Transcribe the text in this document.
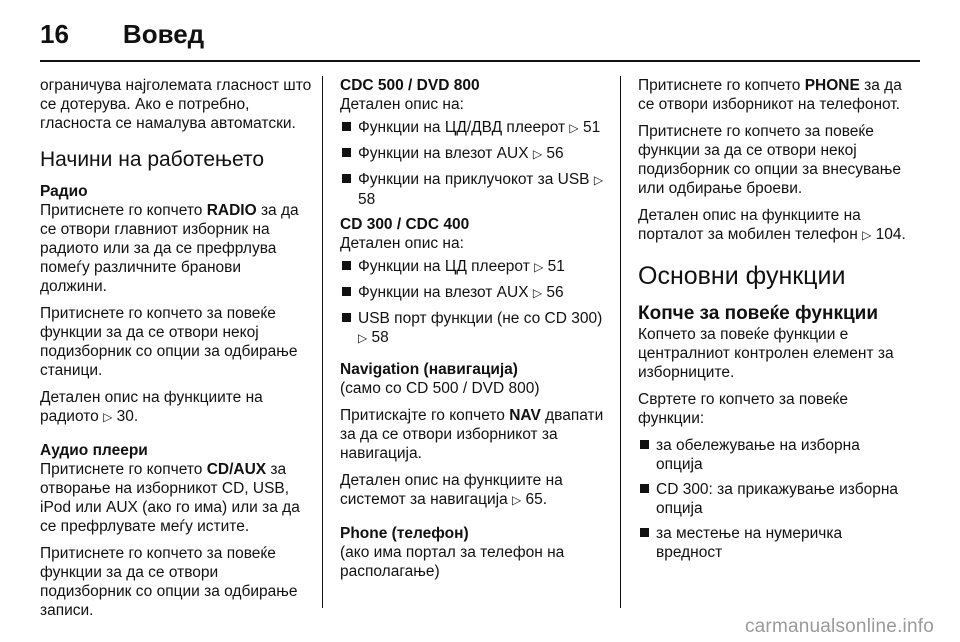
16 Вовед

ограничува најголемата гласност што се дотерува. Ако е потребно, гласноста се намалува автоматски.

Начини на работењето
Радио

Притиснете го копчето RADIO за да се отвори главниот изборник на радиото или за да се префрлува помеѓу различните бранови должини.

Притиснете го копчето за повеќе функции за да се отвори некој подизборник со опции за одбирање станици.

Деталeн опис на функциите на радиото ▷ 30.

Аудио плеери

Притиснете го копчето CD/AUX за отворање на изборникот CD, USB, iPod или AUX (ако го има) или за да се префрлувате меѓу истите.

Притиснете го копчето за повеќе функции за да се отвори подизборник со опции за одбирање записи.

CDC 500 / DVD 800

Детален опис на:

Функции на ЦД/ДВД плеерот ▷ 51
Функции на влезот AUX ▷ 56
Функции на приклучокот за USB ▷ 58
CD 300 / CDC 400

Детален опис на:

Функции на ЦД плеерот ▷ 51
Функции на влезот AUX ▷ 56
USB порт функции (не со CD 300) ▷ 58
Navigation (навигација)

(само со CD 500 / DVD 800)

Притискајте го копчето NAV двапати за да се отвори изборникот за навигација.

Детален опис на функциите на системот за навигација ▷ 65.

Phone (телефон)

(ако има портал за телефон на располагање)

Притиснете го копчето PHONE за да се отвори изборникот на телефонот.

Притиснете го копчето за повеќе функции за да се отвори некој подизборник со опции за внесување или одбирање броеви.

Детален опис на функциите на порталот за мобилен телефон ▷ 104.

Основни функции
Копче за повеќе функции

Копчето за повеќе функции е централниот контролен елемент за изборниците.

Свртете го копчето за повеќе функции:

за обележување на изборна опција
CD 300: за прикажување изборна опција
за местење на нумеричка вредност
carmanualsonline.info
